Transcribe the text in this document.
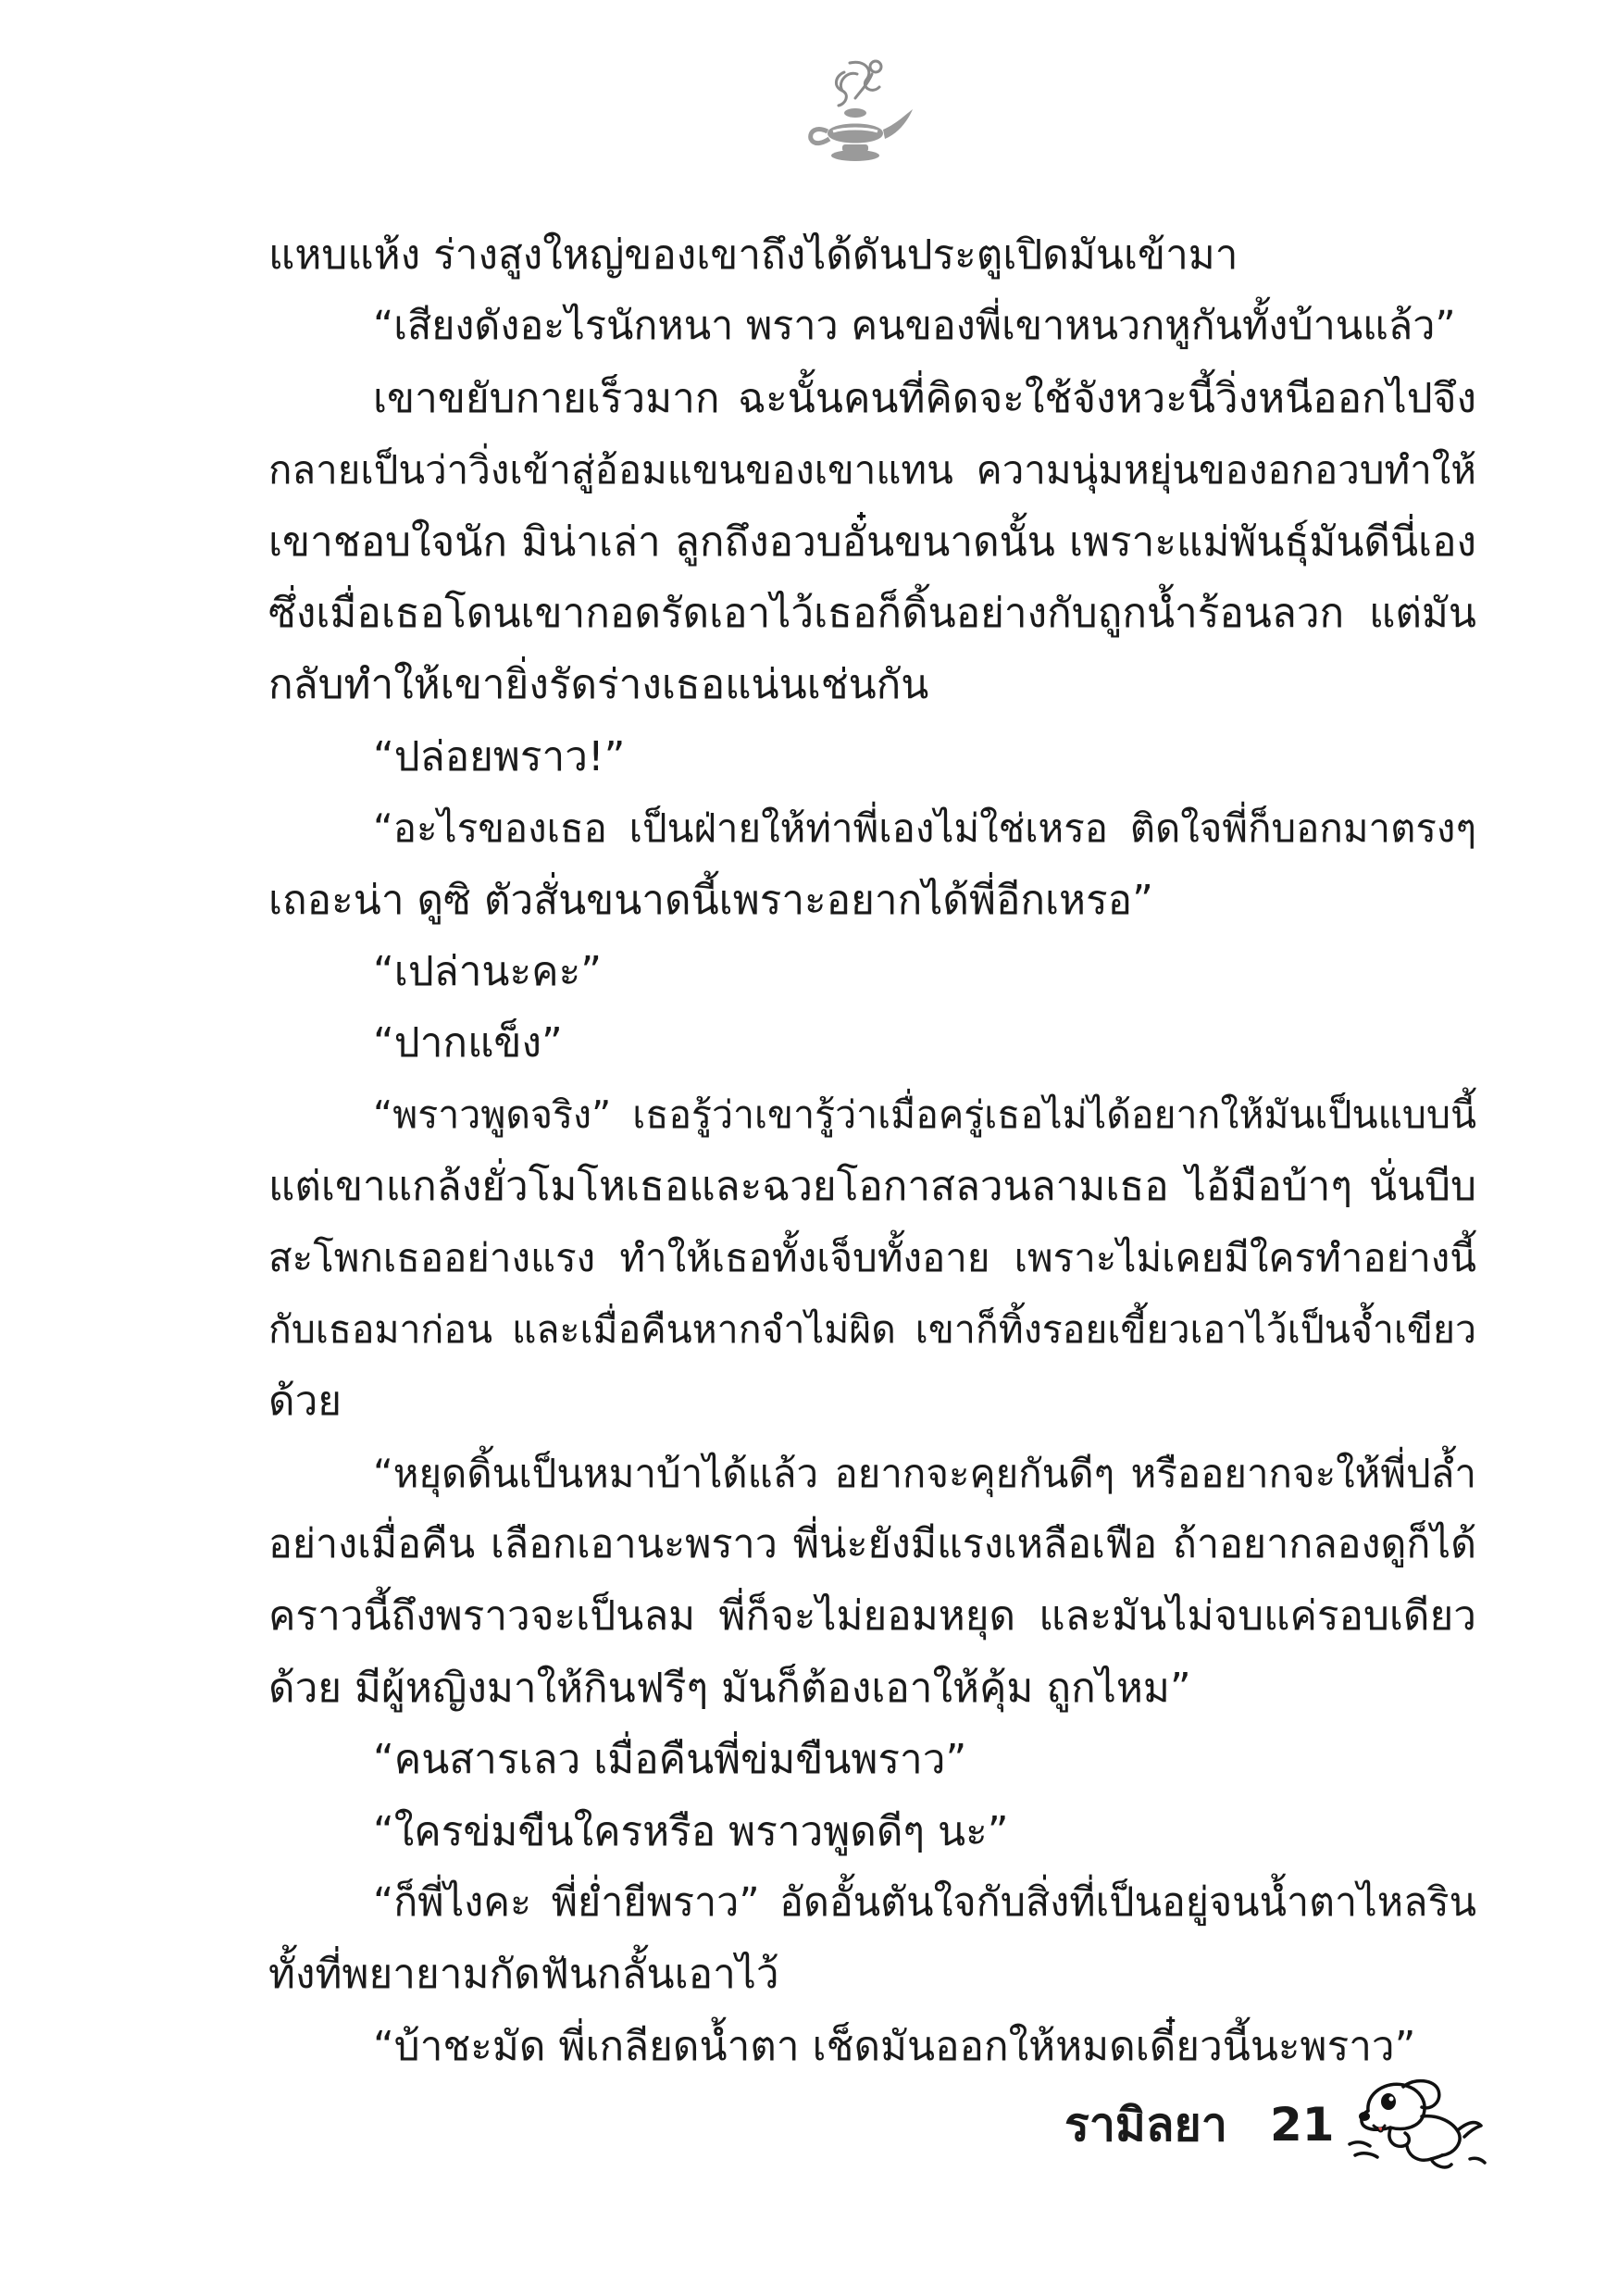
แหบแห้ง ร่างสูงใหญ่ของเขาถึงได้ดันประตูเปิดมันเข้ามา
“เสียงดังอะไรนักหนา พราว คนของพี่เขาหนวกหูกันทั้งบ้านแล้ว”
เขาขยับกายเร็วมาก ฉะนั้นคนที่คิดจะใช้จังหวะนี้วิ่งหนีออกไปจึง
กลายเป็นว่าวิ่งเข้าสู่อ้อมแขนของเขาแทน ความนุ่มหยุ่นของอกอวบทำให้
เขาชอบใจนัก มิน่าเล่า ลูกถึงอวบอั๋นขนาดนั้น เพราะแม่พันธุ์มันดีนี่เอง
ซึ่งเมื่อเธอโดนเขากอดรัดเอาไว้เธอก็ดิ้นอย่างกับถูกน้ำร้อนลวก แต่มัน
กลับทำให้เขายิ่งรัดร่างเธอแน่นเช่นกัน
“ปล่อยพราว!”
“อะไรของเธอ เป็นฝ่ายให้ท่าพี่เองไม่ใช่เหรอ ติดใจพี่ก็บอกมาตรงๆ
เถอะน่า ดูซิ ตัวสั่นขนาดนี้เพราะอยากได้พี่อีกเหรอ”
“เปล่านะคะ”
“ปากแข็ง”
“พราวพูดจริง” เธอรู้ว่าเขารู้ว่าเมื่อครู่เธอไม่ได้อยากให้มันเป็นแบบนี้
แต่เขาแกล้งยั่วโมโหเธอและฉวยโอกาสลวนลามเธอ ไอ้มือบ้าๆ นั่นบีบ
สะโพกเธออย่างแรง ทำให้เธอทั้งเจ็บทั้งอาย เพราะไม่เคยมีใครทำอย่างนี้
กับเธอมาก่อน และเมื่อคืนหากจำไม่ผิด เขาก็ทิ้งรอยเขี้ยวเอาไว้เป็นจ้ำเขียว
ด้วย
“หยุดดิ้นเป็นหมาบ้าได้แล้ว อยากจะคุยกันดีๆ หรืออยากจะให้พี่ปล้ำ
อย่างเมื่อคืน เลือกเอานะพราว พี่น่ะยังมีแรงเหลือเฟือ ถ้าอยากลองดูก็ได้
คราวนี้ถึงพราวจะเป็นลม พี่ก็จะไม่ยอมหยุด และมันไม่จบแค่รอบเดียว
ด้วย มีผู้หญิงมาให้กินฟรีๆ มันก็ต้องเอาให้คุ้ม ถูกไหม”
“คนสารเลว เมื่อคืนพี่ข่มขืนพราว”
“ใครข่มขืนใครหรือ พราวพูดดีๆ นะ”
“ก็พี่ไงคะ พี่ย่ำยีพราว” อัดอั้นตันใจกับสิ่งที่เป็นอยู่จนน้ำตาไหลริน
ทั้งที่พยายามกัดฟันกลั้นเอาไว้
“บ้าชะมัด พี่เกลียดน้ำตา เช็ดมันออกให้หมดเดี๋ยวนี้นะพราว”
รามิลยา 21
